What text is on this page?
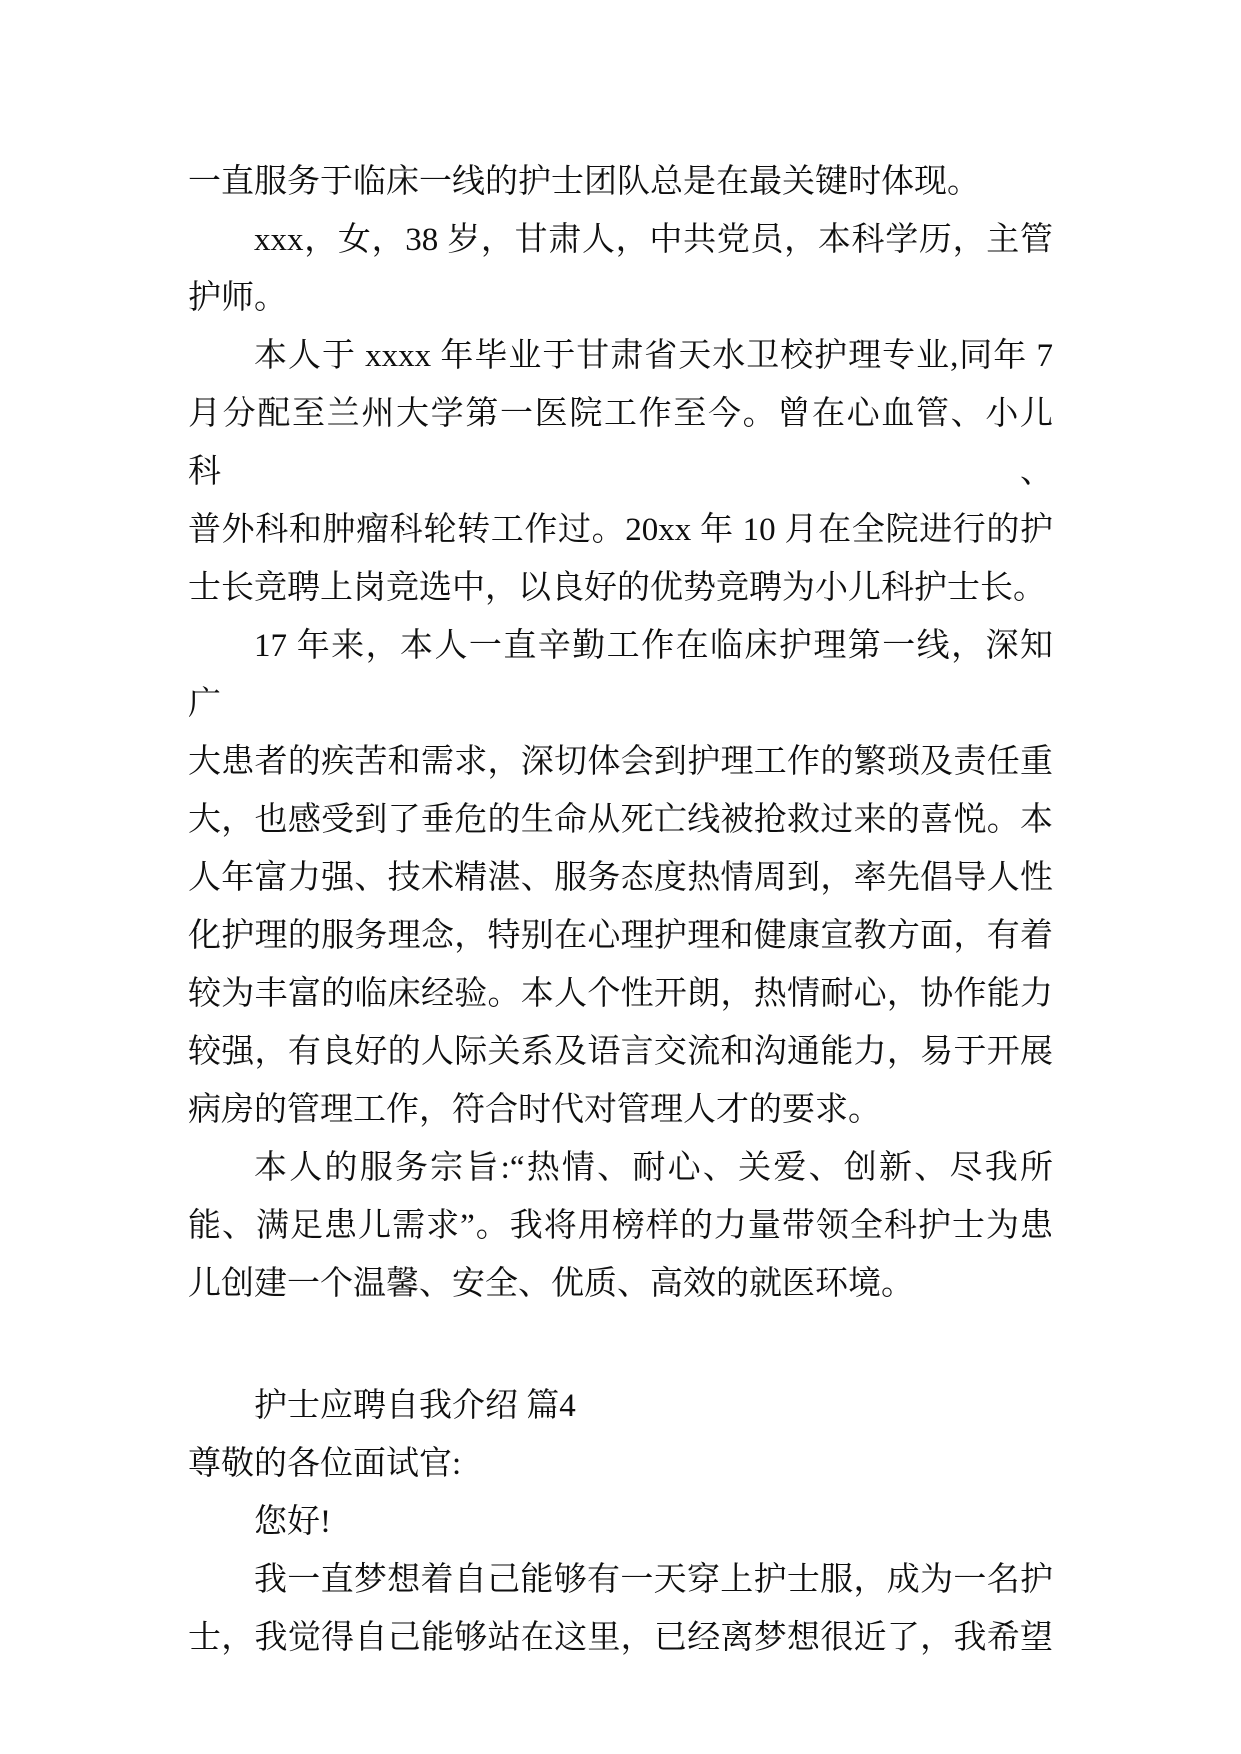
一直服务于临床一线的护士团队总是在最关键时体现。
xxx，女，38 岁，甘肃人，中共党员，本科学历，主管
护师。
本人于 xxxx 年毕业于甘肃省天水卫校护理专业,同年 7
月分配至兰州大学第一医院工作至今。曾在心血管、小儿科、
普外科和肿瘤科轮转工作过。20xx 年 10 月在全院进行的护
士长竞聘上岗竞选中，以良好的优势竞聘为小儿科护士长。
17 年来，本人一直辛勤工作在临床护理第一线，深知广
大患者的疾苦和需求，深切体会到护理工作的繁琐及责任重
大，也感受到了垂危的生命从死亡线被抢救过来的喜悦。本
人年富力强、技术精湛、服务态度热情周到，率先倡导人性
化护理的服务理念，特别在心理护理和健康宣教方面，有着
较为丰富的临床经验。本人个性开朗，热情耐心，协作能力
较强，有良好的人际关系及语言交流和沟通能力，易于开展
病房的管理工作，符合时代对管理人才的要求。
本人的服务宗旨:“热情、耐心、关爱、创新、尽我所
能、满足患儿需求”。我将用榜样的力量带领全科护士为患
儿创建一个温馨、安全、优质、高效的就医环境。
护士应聘自我介绍 篇4
尊敬的各位面试官:
您好!
我一直梦想着自己能够有一天穿上护士服，成为一名护
士，我觉得自己能够站在这里，已经离梦想很近了，我希望
